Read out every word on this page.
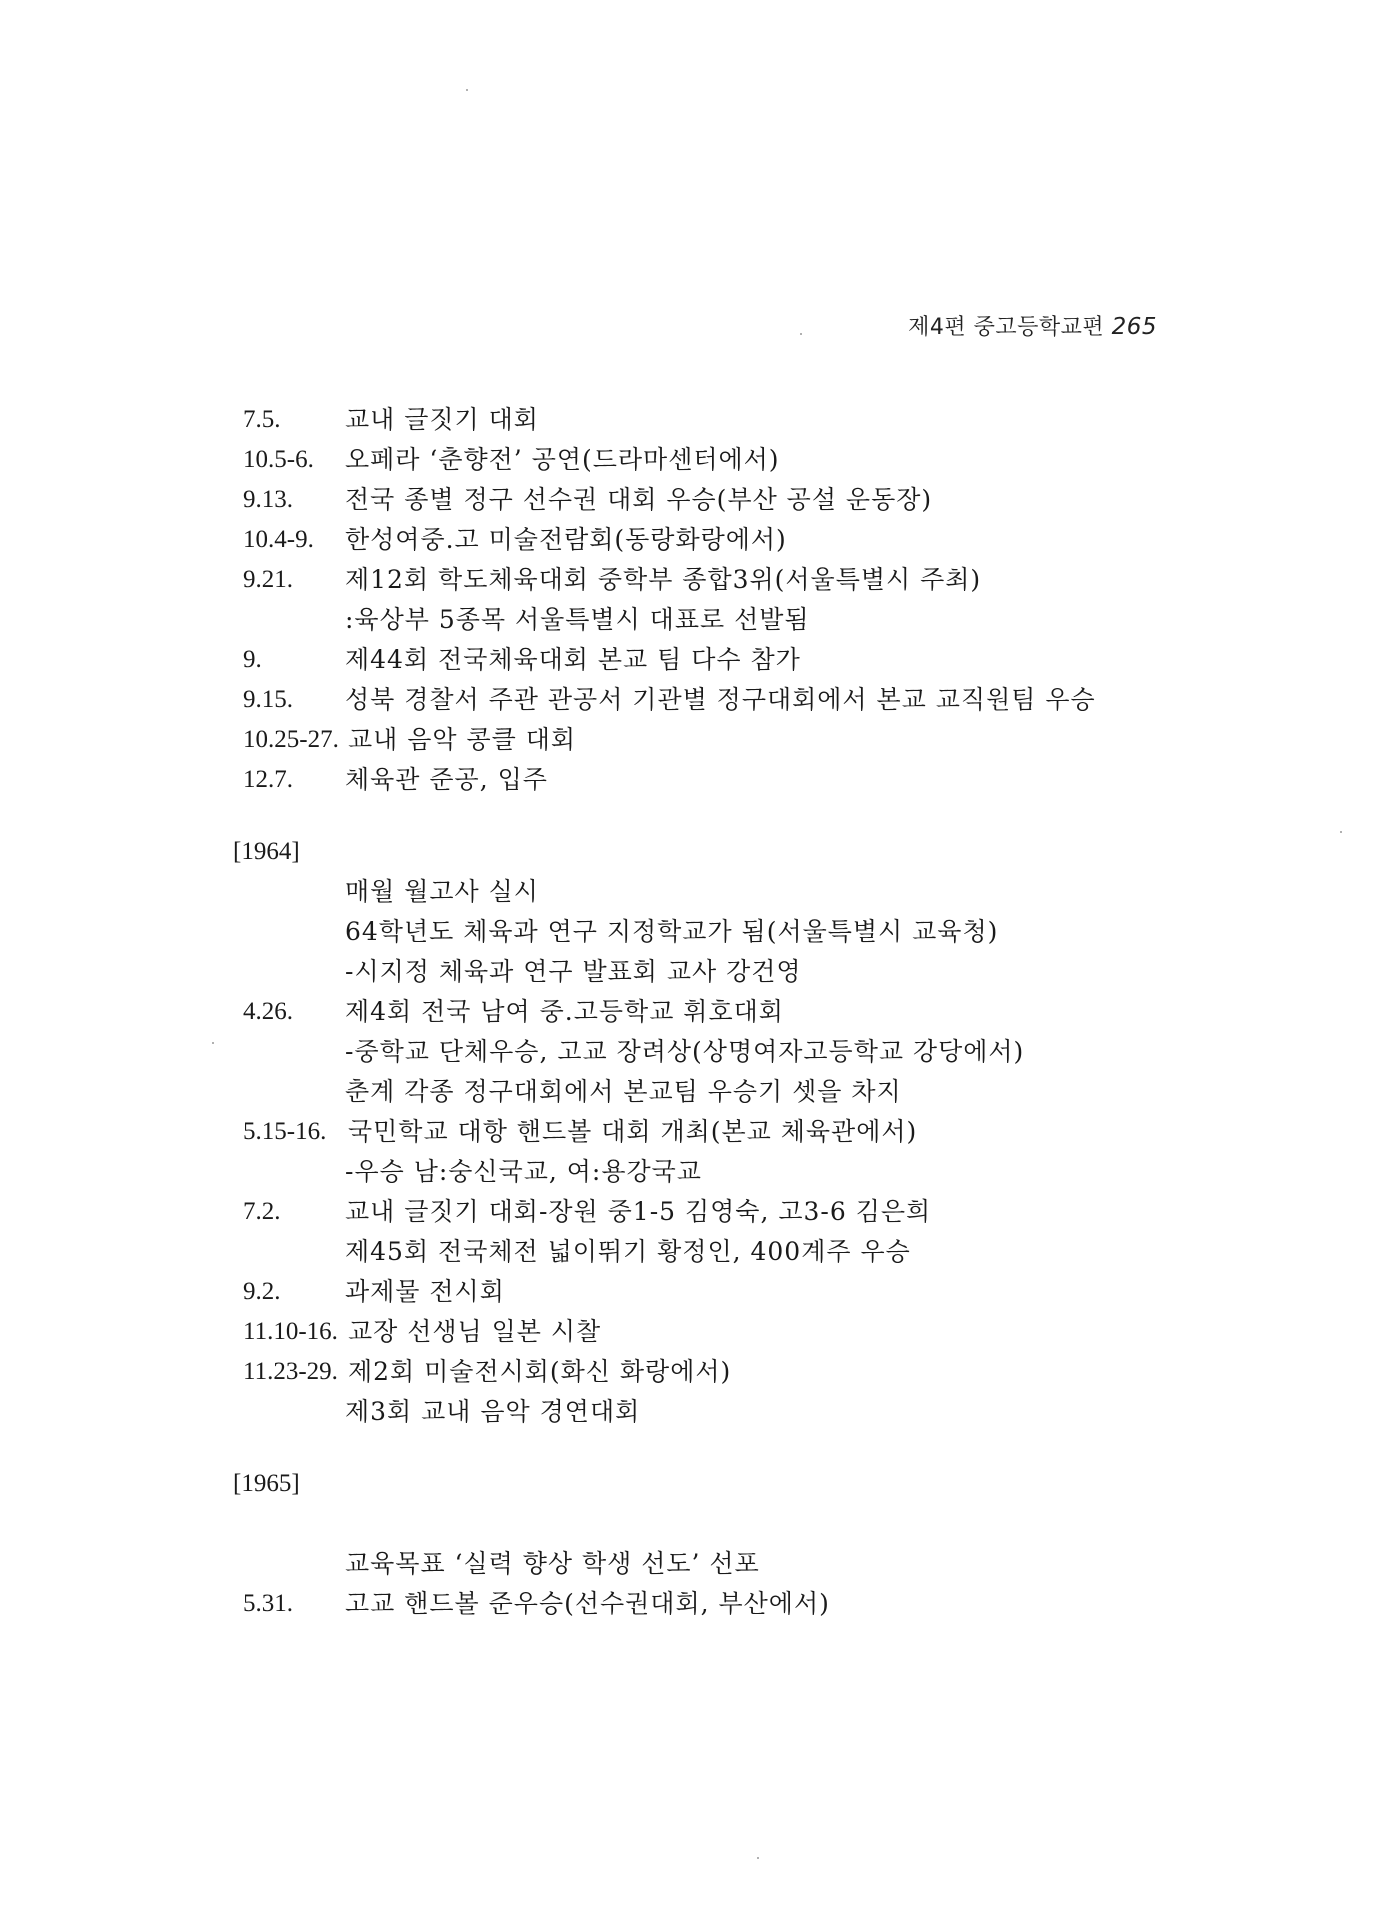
제4편 중고등학교편 265
7.5.	교내 글짓기 대회
10.5-6.	오페라 ‘춘향전’ 공연(드라마센터에서)
9.13.	전국 종별 정구 선수권 대회 우승(부산 공설 운동장)
10.4-9.	한성여중.고 미술전람회(동랑화랑에서)
9.21.	제12회 학도체육대회 중학부 종합3위(서울특별시 주최)
:육상부 5종목 서울특별시 대표로 선발됨
9.	제44회 전국체육대회 본교 팀 다수 참가
9.15.	성북 경찰서 주관 관공서 기관별 정구대회에서 본교 교직원팀 우승
10.25-27. 교내 음악 콩클 대회
12.7.	체육관 준공, 입주
[1964]
매월 월고사 실시
64학년도 체육과 연구 지정학교가 됨(서울특별시 교육청)
-시지정 체육과 연구 발표회 교사 강건영
4.26.	제4회 전국 남여 중.고등학교 휘호대회
-중학교 단체우승, 고교 장려상(상명여자고등학교 강당에서)
춘계 각종 정구대회에서 본교팀 우승기 셋을 차지
5.15-16. 국민학교 대항 핸드볼 대회 개최(본교 체육관에서)
-우승 남:숭신국교, 여:용강국교
7.2.	교내 글짓기 대회-장원 중1-5 김영숙, 고3-6 김은희
제45회 전국체전 넓이뛰기 황정인, 400계주 우승
9.2.	과제물 전시회
11.10-16. 교장 선생님 일본 시찰
11.23-29. 제2회 미술전시회(화신 화랑에서)
제3회 교내 음악 경연대회
[1965]
교육목표 ‘실력 향상 학생 선도’ 선포
5.31.	고교 핸드볼 준우승(선수권대회, 부산에서)
